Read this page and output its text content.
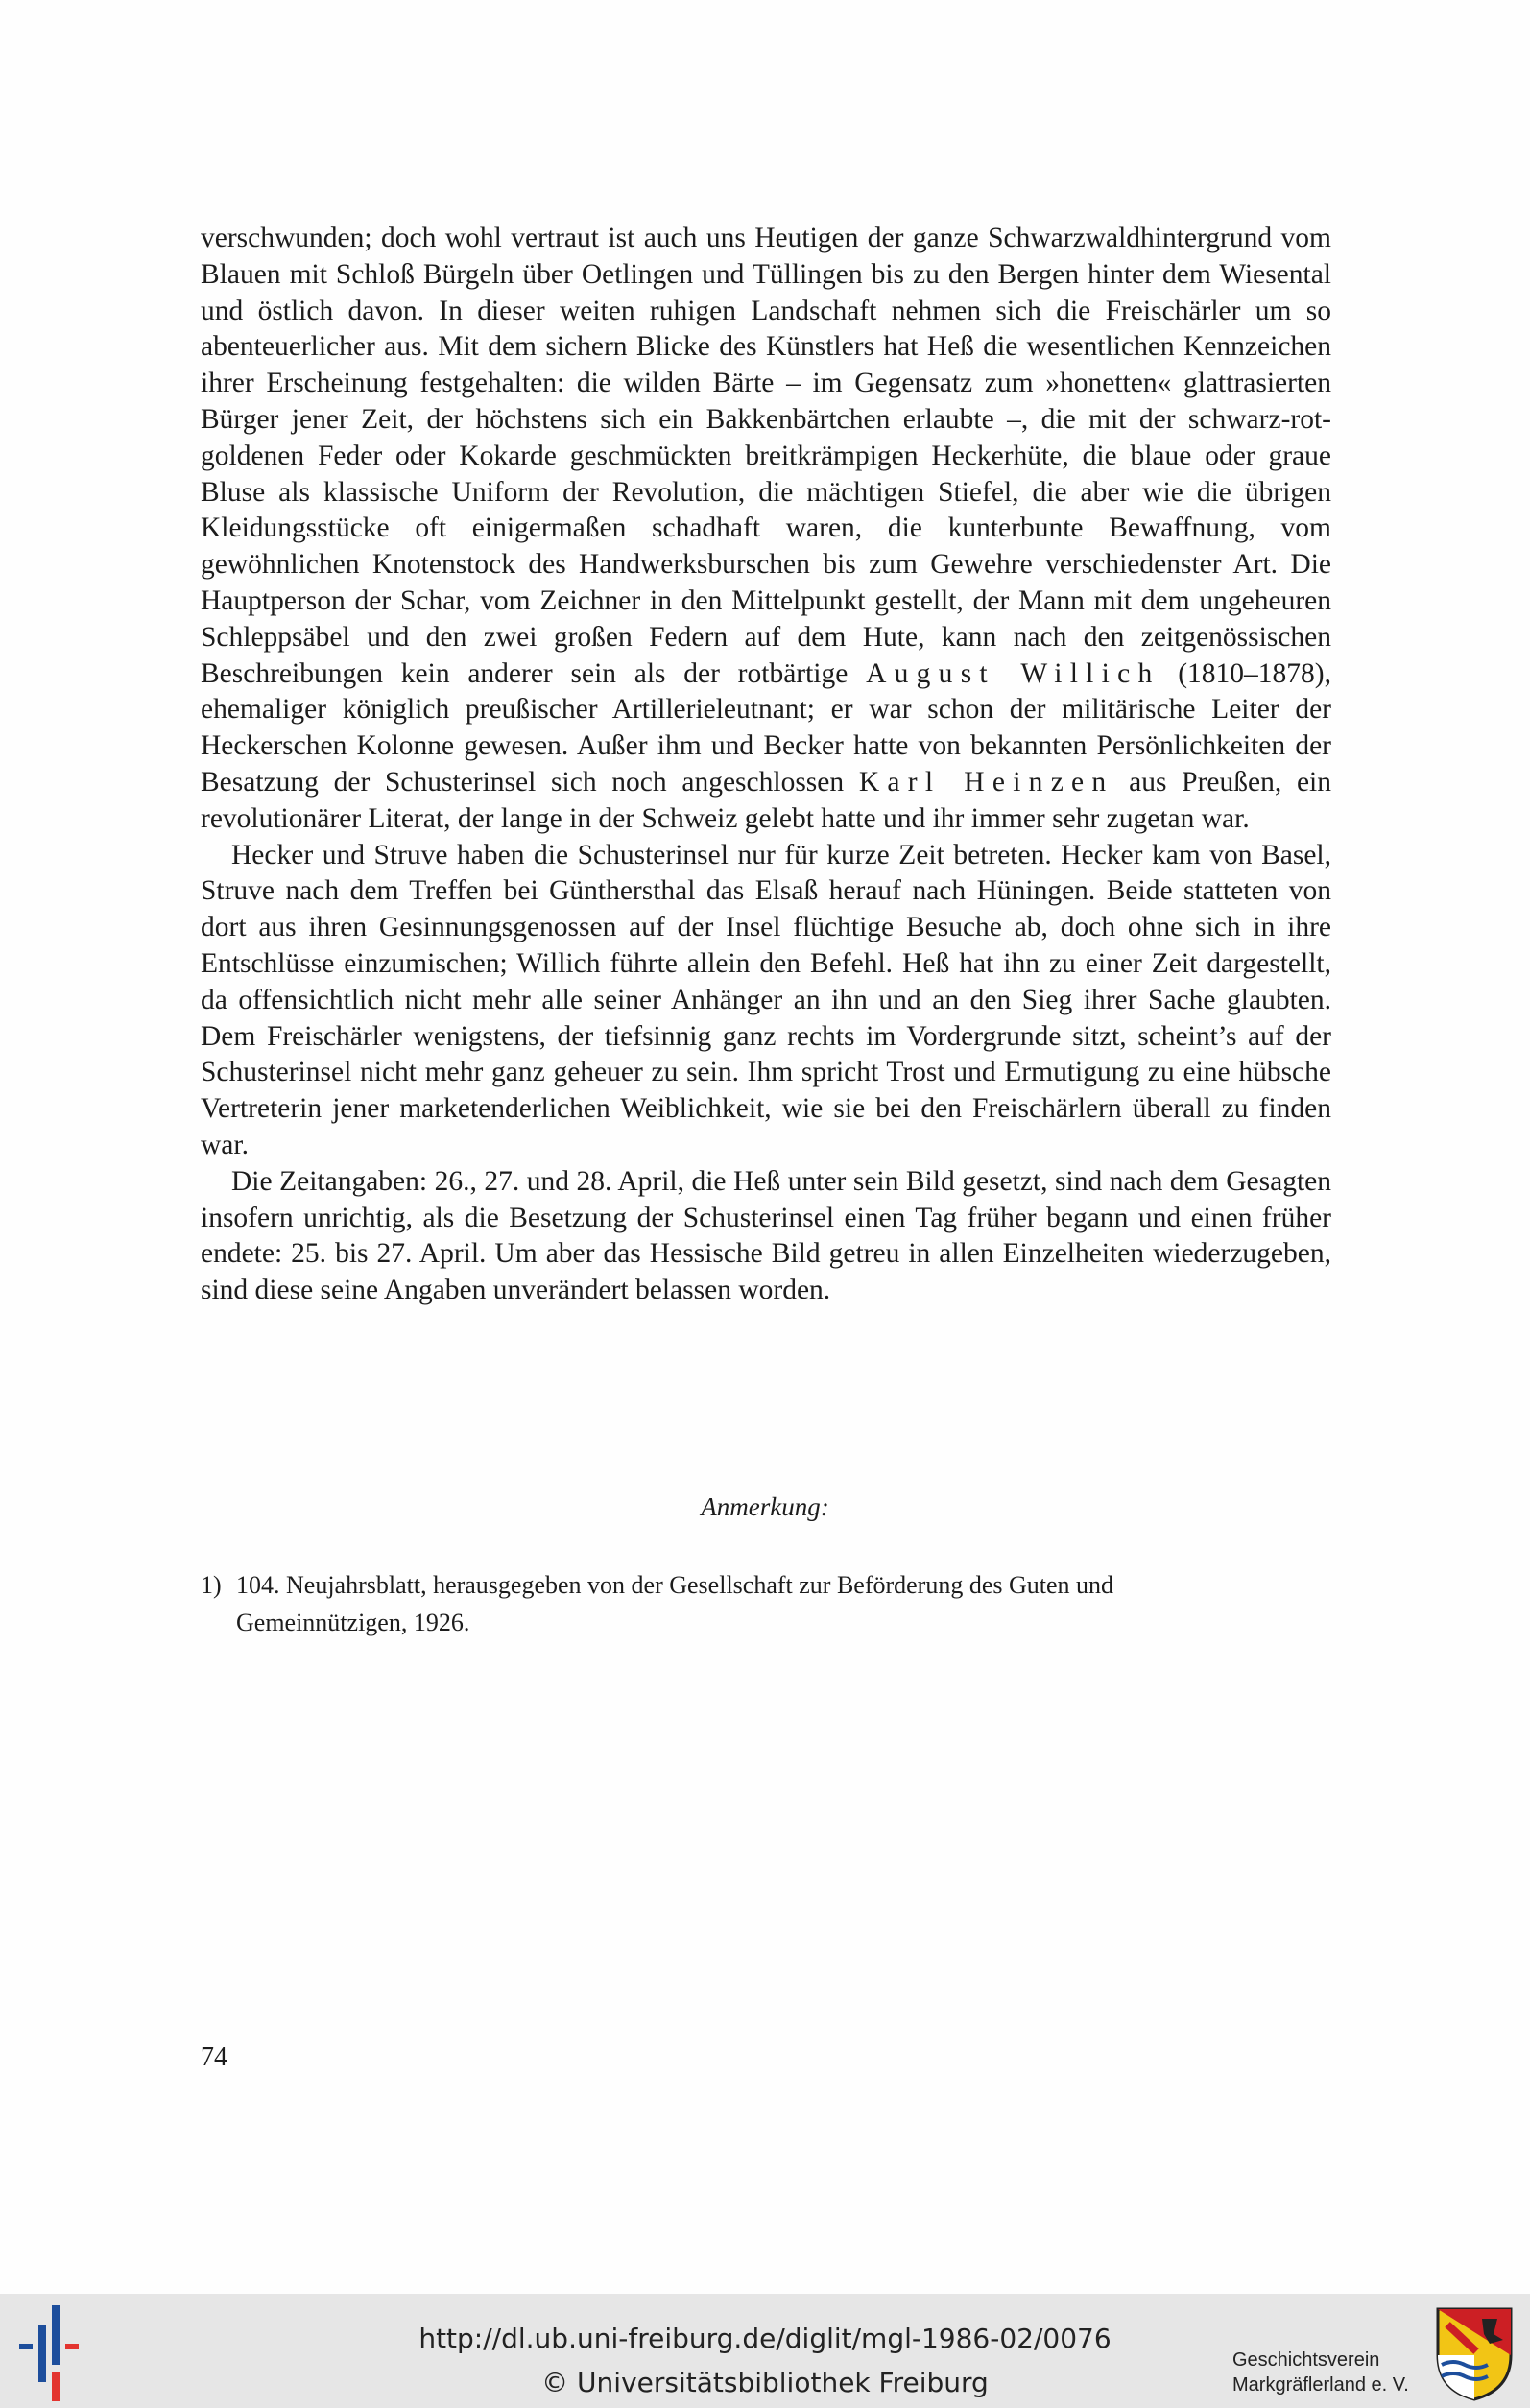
verschwunden; doch wohl vertraut ist auch uns Heutigen der ganze Schwarzwaldhintergrund vom Blauen mit Schloß Bürgeln über Oetlingen und Tüllingen bis zu den Bergen hinter dem Wiesental und östlich davon. In dieser weiten ruhigen Landschaft nehmen sich die Freischärler um so abenteuerlicher aus. Mit dem sichern Blicke des Künstlers hat Heß die wesentlichen Kennzeichen ihrer Erscheinung festgehalten: die wilden Bärte – im Gegensatz zum »honetten« glattrasierten Bürger jener Zeit, der höchstens sich ein Bakkenbärtchen erlaubte –, die mit der schwarz-rot-goldenen Feder oder Kokarde geschmückten breitkrämpigen Heckerhüte, die blaue oder graue Bluse als klassische Uniform der Revolution, die mächtigen Stiefel, die aber wie die übrigen Kleidungsstücke oft einigermaßen schadhaft waren, die kunterbunte Bewaffnung, vom gewöhnlichen Knotenstock des Handwerksburschen bis zum Gewehre verschiedenster Art. Die Hauptperson der Schar, vom Zeichner in den Mittelpunkt gestellt, der Mann mit dem ungeheuren Schleppsäbel und den zwei großen Federn auf dem Hute, kann nach den zeitgenössischen Beschreibungen kein anderer sein als der rotbärtige August Willich (1810–1878), ehemaliger königlich preußischer Artillerieleutnant; er war schon der militärische Leiter der Heckerschen Kolonne gewesen. Außer ihm und Becker hatte von bekannten Persönlichkeiten der Besatzung der Schusterinsel sich noch angeschlossen Karl Heinzen aus Preußen, ein revolutionärer Literat, der lange in der Schweiz gelebt hatte und ihr immer sehr zugetan war.

Hecker und Struve haben die Schusterinsel nur für kurze Zeit betreten. Hecker kam von Basel, Struve nach dem Treffen bei Günthersthal das Elsaß herauf nach Hüningen. Beide statteten von dort aus ihren Gesinnungsgenossen auf der Insel flüchtige Besuche ab, doch ohne sich in ihre Entschlüsse einzumischen; Willich führte allein den Befehl. Heß hat ihn zu einer Zeit dargestellt, da offensichtlich nicht mehr alle seiner Anhänger an ihn und an den Sieg ihrer Sache glaubten. Dem Freischärler wenigstens, der tiefsinnig ganz rechts im Vordergrunde sitzt, scheint’s auf der Schusterinsel nicht mehr ganz geheuer zu sein. Ihm spricht Trost und Ermutigung zu eine hübsche Vertreterin jener marketenderlichen Weiblichkeit, wie sie bei den Freischärlern überall zu finden war.

Die Zeitangaben: 26., 27. und 28. April, die Heß unter sein Bild gesetzt, sind nach dem Gesagten insofern unrichtig, als die Besetzung der Schusterinsel einen Tag früher begann und einen früher endete: 25. bis 27. April. Um aber das Hessische Bild getreu in allen Einzelheiten wiederzugeben, sind diese seine Angaben unverändert belassen worden.

Anmerkung:
1) 104. Neujahrsblatt, herausgegeben von der Gesellschaft zur Beförderung des Guten und Gemeinnützigen, 1926.
74
http://dl.ub.uni-freiburg.de/diglit/mgl-1986-02/0076
© Universitätsbibliothek Freiburg
Geschichtsverein
Markgräflerland e. V.
